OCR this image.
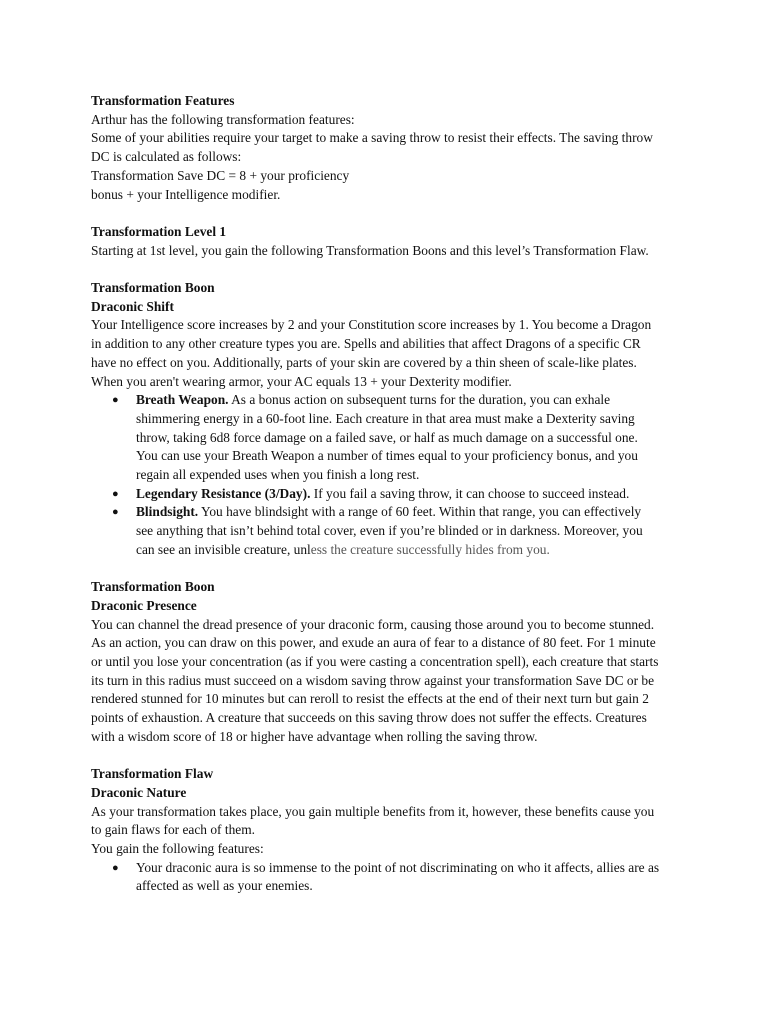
Transformation Features
Arthur has the following transformation features:
Some of your abilities require your target to make a saving throw to resist their effects. The saving throw
DC is calculated as follows:
Transformation Save DC = 8 + your proficiency
bonus + your Intelligence modifier.
Transformation Level 1
Starting at 1st level, you gain the following Transformation Boons and this level’s Transformation Flaw.
Transformation Boon
Draconic Shift
Your Intelligence score increases by 2 and your Constitution score increases by 1. You become a Dragon
in addition to any other creature types you are. Spells and abilities that affect Dragons of a specific CR
have no effect on you. Additionally, parts of your skin are covered by a thin sheen of scale-like plates.
When you aren't wearing armor, your AC equals 13 + your Dexterity modifier.
● Breath Weapon. As a bonus action on subsequent turns for the duration, you can exhale
shimmering energy in a 60-foot line. Each creature in that area must make a Dexterity saving
throw, taking 6d8 force damage on a failed save, or half as much damage on a successful one.
You can use your Breath Weapon a number of times equal to your proficiency bonus, and you
regain all expended uses when you finish a long rest.
● Legendary Resistance (3/Day). If you fail a saving throw, it can choose to succeed instead.
● Blindsight. You have blindsight with a range of 60 feet. Within that range, you can effectively
see anything that isn’t behind total cover, even if you’re blinded or in darkness. Moreover, you
can see an invisible creature, unless the creature successfully hides from you.
Transformation Boon
Draconic Presence
You can channel the dread presence of your draconic form, causing those around you to become stunned.
As an action, you can draw on this power, and exude an aura of fear to a distance of 80 feet. For 1 minute
or until you lose your concentration (as if you were casting a concentration spell), each creature that starts
its turn in this radius must succeed on a wisdom saving throw against your transformation Save DC or be
rendered stunned for 10 minutes but can reroll to resist the effects at the end of their next turn but gain 2
points of exhaustion. A creature that succeeds on this saving throw does not suffer the effects. Creatures
with a wisdom score of 18 or higher have advantage when rolling the saving throw.
Transformation Flaw
Draconic Nature
As your transformation takes place, you gain multiple benefits from it, however, these benefits cause you
to gain flaws for each of them.
You gain the following features:
● Your draconic aura is so immense to the point of not discriminating on who it affects, allies are as
affected as well as your enemies.
